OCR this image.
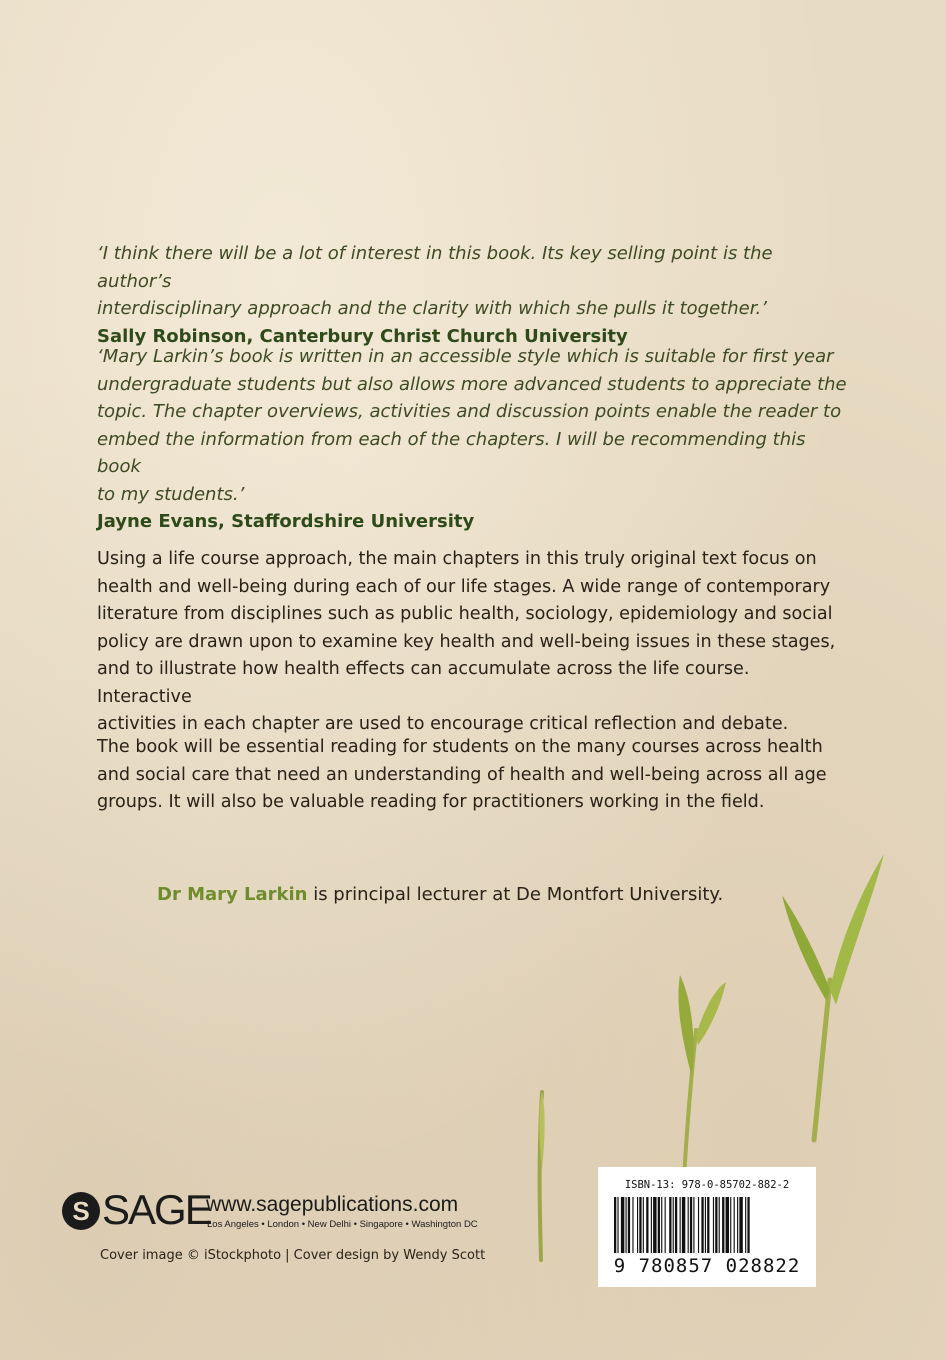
‘I think there will be a lot of interest in this book. Its key selling point is the author’s
interdisciplinary approach and the clarity with which she pulls it together.’
Sally Robinson, Canterbury Christ Church University
‘Mary Larkin’s book is written in an accessible style which is suitable for first year
undergraduate students but also allows more advanced students to appreciate the
topic. The chapter overviews, activities and discussion points enable the reader to
embed the information from each of the chapters. I will be recommending this book
to my students.’
Jayne Evans, Staffordshire University
Using a life course approach, the main chapters in this truly original text focus on
health and well-being during each of our life stages. A wide range of contemporary
literature from disciplines such as public health, sociology, epidemiology and social
policy are drawn upon to examine key health and well-being issues in these stages,
and to illustrate how health effects can accumulate across the life course. Interactive
activities in each chapter are used to encourage critical reflection and debate.
The book will be essential reading for students on the many courses across health
and social care that need an understanding of health and well-being across all age
groups. It will also be valuable reading for practitioners working in the field.
Dr Mary Larkin is principal lecturer at De Montfort University.
S SAGE
www.sagepublications.com
Los Angeles • London • New Delhi • Singapore • Washington DC
Cover image © iStockphoto | Cover design by Wendy Scott
ISBN-13: 978-0-85702-882-2
9 780857 028822
